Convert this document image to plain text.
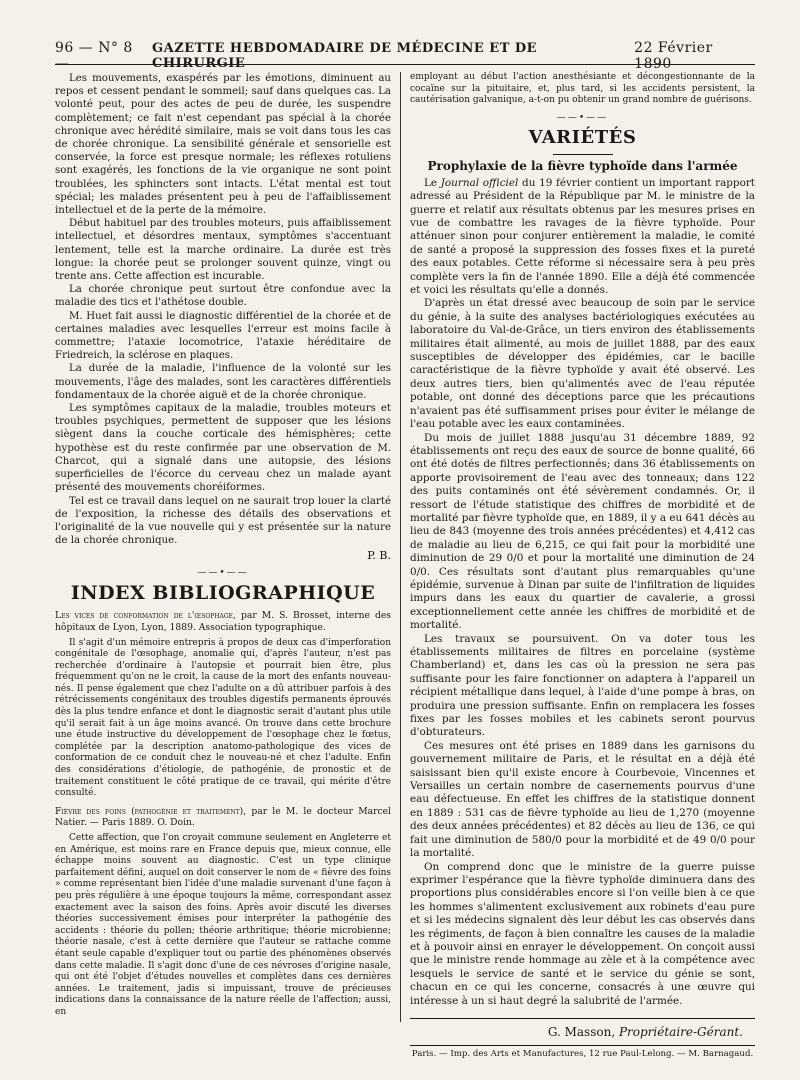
96 — N° 8 —
GAZETTE HEBDOMADAIRE DE MÉDECINE ET DE CHIRURGIE
22 Février 1890

Les mouvements, exaspérés par les émotions, diminuent au repos et cessent pendant le sommeil; sauf dans quelques cas. La volonté peut, pour des actes de peu de durée, les suspendre complètement; ce fait n'est cependant pas spécial à la chorée chronique avec hérédité similaire, mais se voit dans tous les cas de chorée chronique. La sensibilité générale et sensorielle est conservée, la force est presque normale; les réflexes rotuliens sont exagérés, les fonctions de la vie organique ne sont point troublées, les sphincters sont intacts. L'état mental est tout spécial; les malades présentent peu à peu de l'affaiblissement intellectuel et de la perte de la mémoire.

Début habituel par des troubles moteurs, puis affaiblissement intellectuel, et désordres mentaux, symptômes s'accentuant lentement, telle est la marche ordinaire. La durée est très longue: la chorée peut se prolonger souvent quinze, vingt ou trente ans. Cette affection est incurable.

La chorée chronique peut surtout être confondue avec la maladie des tics et l'athétose double.

M. Huet fait aussi le diagnostic différentiel de la chorée et de certaines maladies avec lesquelles l'erreur est moins facile à commettre; l'ataxie locomotrice, l'ataxie héréditaire de Friedreich, la sclérose en plaques.

La durée de la maladie, l'influence de la volonté sur les mouvements, l'âge des malades, sont les caractères différentiels fondamentaux de la chorée aiguë et de la chorée chronique.

Les symptômes capitaux de la maladie, troubles moteurs et troubles psychiques, permettent de supposer que les lésions siègent dans la couche corticale des hémisphères; cette hypothèse est du reste confirmée par une observation de M. Charcot, qui a signalé dans une autopsie, des lésions superficielles de l'écorce du cerveau chez un malade ayant présenté des mouvements choréiformes.

Tel est ce travail dans lequel on ne saurait trop louer la clarté de l'exposition, la richesse des détails des observations et l'originalité de la vue nouvelle qui y est présentée sur la nature de la chorée chronique.

P. B.
——•——
INDEX BIBLIOGRAPHIQUE

Les vices de conformation de l'œsophage, par M. S. Brosset, interne des hôpitaux de Lyon, Lyon, 1889. Association typographique.

Il s'agit d'un mémoire entrepris à propos de deux cas d'imperforation congénitale de l'œsophage, anomalie qui, d'après l'auteur, n'est pas recherchée d'ordinaire à l'autopsie et pourrait bien être, plus fréquemment qu'on ne le croit, la cause de la mort des enfants nouveau-nés. Il pense également que chez l'adulte on a dû attribuer parfois à des rétrécissements congénitaux des troubles digestifs permanents éprouvés dès la plus tendre enfance et dont le diagnostic serait d'autant plus utile qu'il serait fait à un âge moins avancé. On trouve dans cette brochure une étude instructive du développement de l'œsophage chez le fœtus, complétée par la description anatomo-pathologique des vices de conformation de ce conduit chez le nouveau-né et chez l'adulte. Enfin des considérations d'étiologie, de pathogénie, de pronostic et de traitement constituent le côté pratique de ce travail, qui mérite d'être consulté.

Fièvre des foins (pathogénie et traitement), par le M. le docteur Marcel Natier. — Paris 1889. O. Doin.

Cette affection, que l'on croyait commune seulement en Angleterre et en Amérique, est moins rare en France depuis que, mieux connue, elle échappe moins souvent au diagnostic. C'est un type clinique parfaitement défini, auquel on doit conserver le nom de « fièvre des foins » comme représentant bien l'idée d'une maladie survenant d'une façon à peu près régulière à une époque toujours la même, correspondant assez exactement avec la saison des foins. Après avoir discuté les diverses théories successivement émises pour interpréter la pathogénie des accidents : théorie du pollen; théorie arthritique; théorie microbienne; théorie nasale, c'est à cette dernière que l'auteur se rattache comme étant seule capable d'expliquer tout ou partie des phénomènes observés dans cette maladie. Il s'agit donc d'une de ces névroses d'origine nasale, qui ont été l'objet d'études nouvelles et complètes dans ces dernières années. Le traitement, jadis si impuissant, trouve de précieuses indications dans la connaissance de la nature réelle de l'affection; aussi, en

employant au début l'action anesthésiante et décongestionnante de la cocaïne sur la pituitaire, et, plus tard, si les accidents persistent, la cautérisation galvanique, a-t-on pu obtenir un grand nombre de guérisons.

——•——
VARIÉTÉS
Prophylaxie de la fièvre typhoïde dans l'armée

Le Journal officiel du 19 février contient un important rapport adressé au Président de la République par M. le ministre de la guerre et relatif aux résultats obtenus par les mesures prises en vue de combattre les ravages de la fièvre typhoïde. Pour atténuer sinon pour conjurer entièrement la maladie, le comité de santé a proposé la suppression des fosses fixes et la pureté des eaux potables. Cette réforme si nécessaire sera à peu près complète vers la fin de l'année 1890. Elle a déjà été commencée et voici les résultats qu'elle a donnés.

D'après un état dressé avec beaucoup de soin par le service du génie, à la suite des analyses bactériologiques exécutées au laboratoire du Val-de-Grâce, un tiers environ des établissements militaires était alimenté, au mois de juillet 1888, par des eaux susceptibles de développer des épidémies, car le bacille caractéristique de la fièvre typhoïde y avait été observé. Les deux autres tiers, bien qu'alimentés avec de l'eau réputée potable, ont donné des déceptions parce que les précautions n'avaient pas été suffisamment prises pour éviter le mélange de l'eau potable avec les eaux contaminées.

Du mois de juillet 1888 jusqu'au 31 décembre 1889, 92 établissements ont reçu des eaux de source de bonne qualité, 66 ont été dotés de filtres perfectionnés; dans 36 établissements on apporte provisoirement de l'eau avec des tonneaux; dans 122 des puits contaminés ont été sévèrement condamnés. Or, il ressort de l'étude statistique des chiffres de morbidité et de mortalité par fièvre typhoïde que, en 1889, il y a eu 641 décès au lieu de 843 (moyenne des trois années précédentes) et 4,412 cas de maladie au lieu de 6,215, ce qui fait pour la morbidité une diminution de 29 0/0 et pour la mortalité une diminution de 24 0/0. Ces résultats sont d'autant plus remarquables qu'une épidémie, survenue à Dinan par suite de l'infiltration de liquides impurs dans les eaux du quartier de cavalerie, a grossi exceptionnellement cette année les chiffres de morbidité et de mortalité.

Les travaux se poursuivent. On va doter tous les établissements militaires de filtres en porcelaine (système Chamberland) et, dans les cas où la pression ne sera pas suffisante pour les faire fonctionner on adaptera à l'appareil un récipient métallique dans lequel, à l'aide d'une pompe à bras, on produira une pression suffisante. Enfin on remplacera les fosses fixes par les fosses mobiles et les cabinets seront pourvus d'obturateurs.

Ces mesures ont été prises en 1889 dans les garnisons du gouvernement militaire de Paris, et le résultat en a déjà été saisissant bien qu'il existe encore à Courbevoie, Vincennes et Versailles un certain nombre de casernements pourvus d'une eau défectueuse. En effet les chiffres de la statistique donnent en 1889 : 531 cas de fièvre typhoïde au lieu de 1,270 (moyenne des deux années précédentes) et 82 décès au lieu de 136, ce qui fait une diminution de 580/0 pour la morbidité et de 49 0/0 pour la mortalité.

On comprend donc que le ministre de la guerre puisse exprimer l'espérance que la fièvre typhoïde diminuera dans des proportions plus considérables encore si l'on veille bien à ce que les hommes s'alimentent exclusivement aux robinets d'eau pure et si les médecins signalent dès leur début les cas observés dans les régiments, de façon à bien connaître les causes de la maladie et à pouvoir ainsi en enrayer le développement. On conçoit aussi que le ministre rende hommage au zèle et à la compétence avec lesquels le service de santé et le service du génie se sont, chacun en ce qui les concerne, consacrés à une œuvre qui intéresse à un si haut degré la salubrité de l'armée.

G. Masson, Propriétaire-Gérant.
Paris. — Imp. des Arts et Manufactures, 12 rue Paul-Lelong. — M. Barnagaud.
